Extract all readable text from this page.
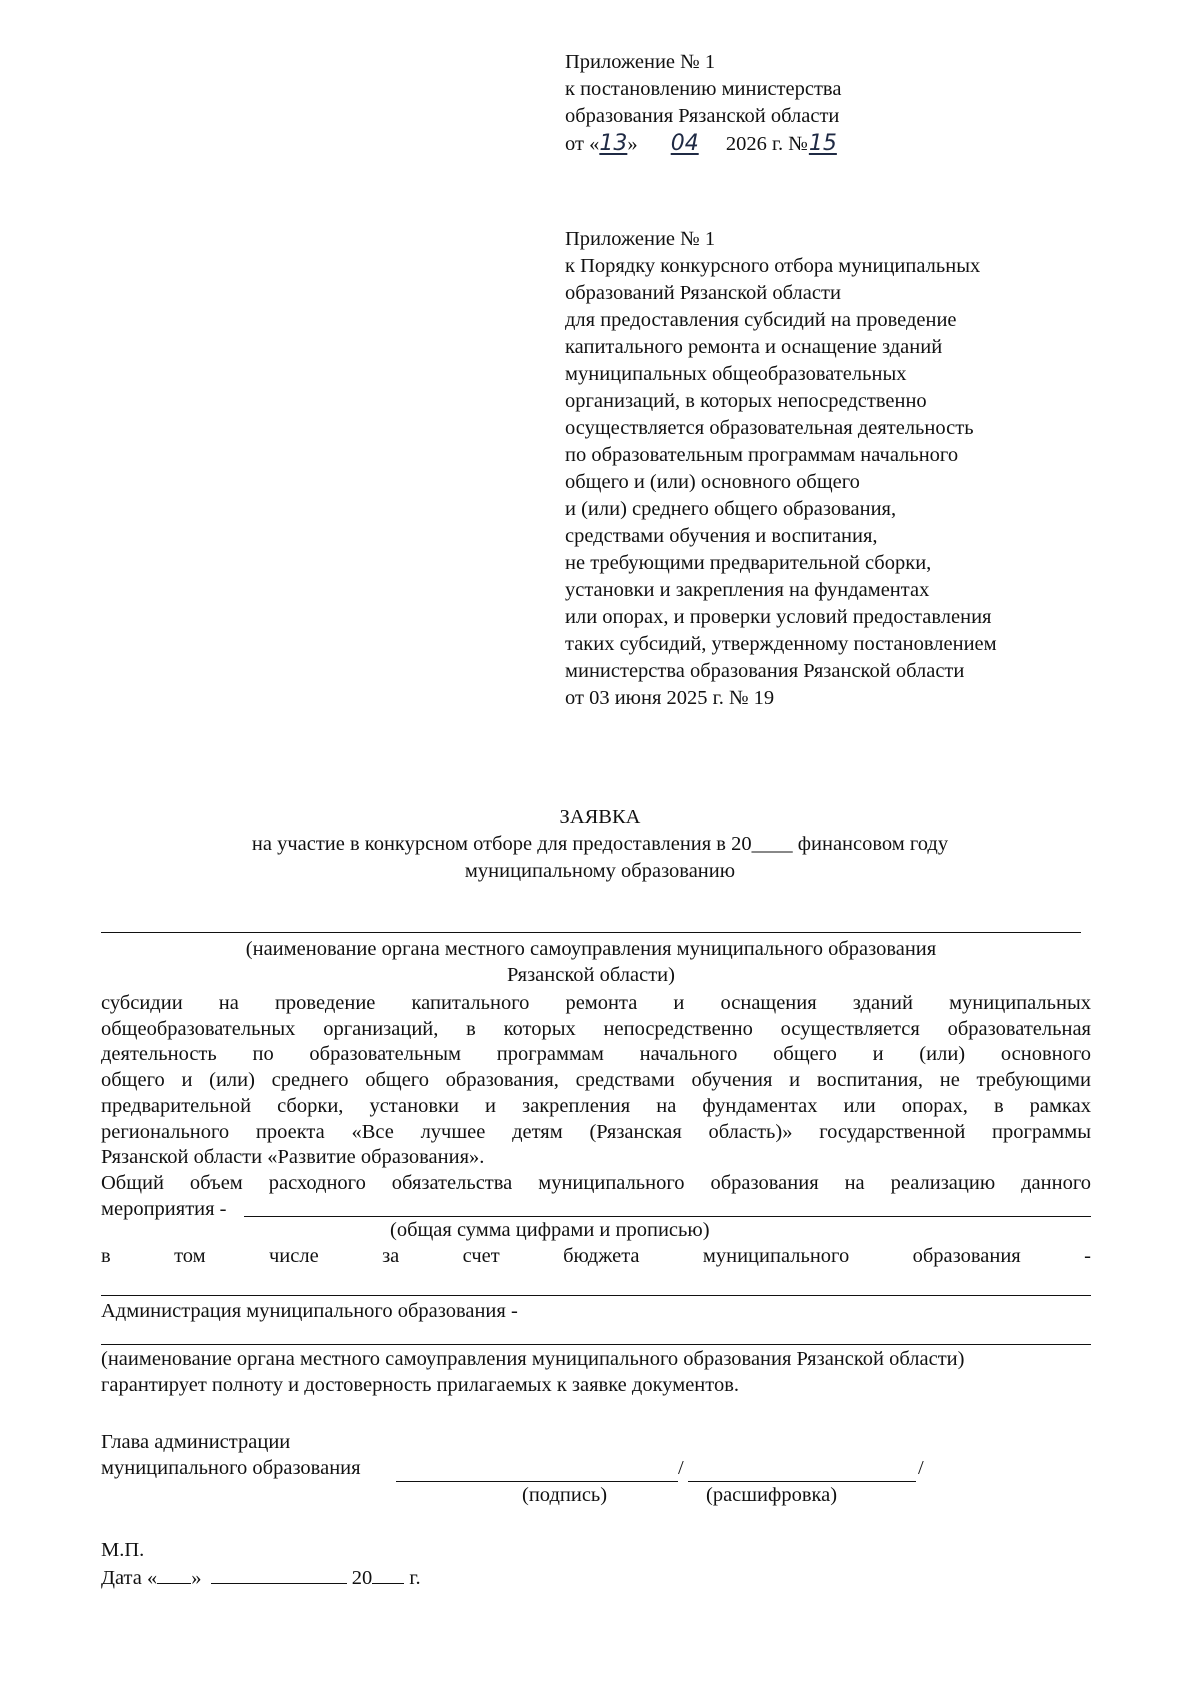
Приложение № 1
к постановлению министерства
образования Рязанской области
от «13» 04 2026 г. №15
Приложение № 1
к Порядку конкурсного отбора муниципальных
образований Рязанской области
для предоставления субсидий на проведение
капитального ремонта и оснащение зданий
муниципальных общеобразовательных
организаций, в которых непосредственно
осуществляется образовательная деятельность
по образовательным программам начального
общего и (или) основного общего
и (или) среднего общего образования,
средствами обучения и воспитания,
не требующими предварительной сборки,
установки и закрепления на фундаментах
или опорах, и проверки условий предоставления
таких субсидий, утвержденному постановлением
министерства образования Рязанской области
от 03 июня 2025 г. № 19
ЗАЯВКА
на участие в конкурсном отборе для предоставления в 20____ финансовом году
муниципальному образованию
(наименование органа местного самоуправления муниципального образования
Рязанской области)
субсидии на проведение капитального ремонта и оснащения зданий муниципальных
общеобразовательных организаций, в которых непосредственно осуществляется образовательная
деятельность по образовательным программам начального общего и (или) основного
общего и (или) среднего общего образования, средствами обучения и воспитания, не требующими
предварительной сборки, установки и закрепления на фундаментах или опорах, в рамках
регионального проекта «Все лучшее детям (Рязанская область)» государственной программы
Рязанской области «Развитие образования».
Общий объем расходного обязательства муниципального образования на реализацию данного
мероприятия -
(общая сумма цифрами и прописью)
в	том	числе	за	счет	бюджета	муниципального	образования	-
Администрация муниципального образования -
(наименование органа местного самоуправления муниципального образования Рязанской области)
гарантирует полноту и достоверность прилагаемых к заявке документов.
Глава администрации
муниципального образования	/	/
(подпись)	(расшифровка)
М.П.
Дата « »	20 г.
